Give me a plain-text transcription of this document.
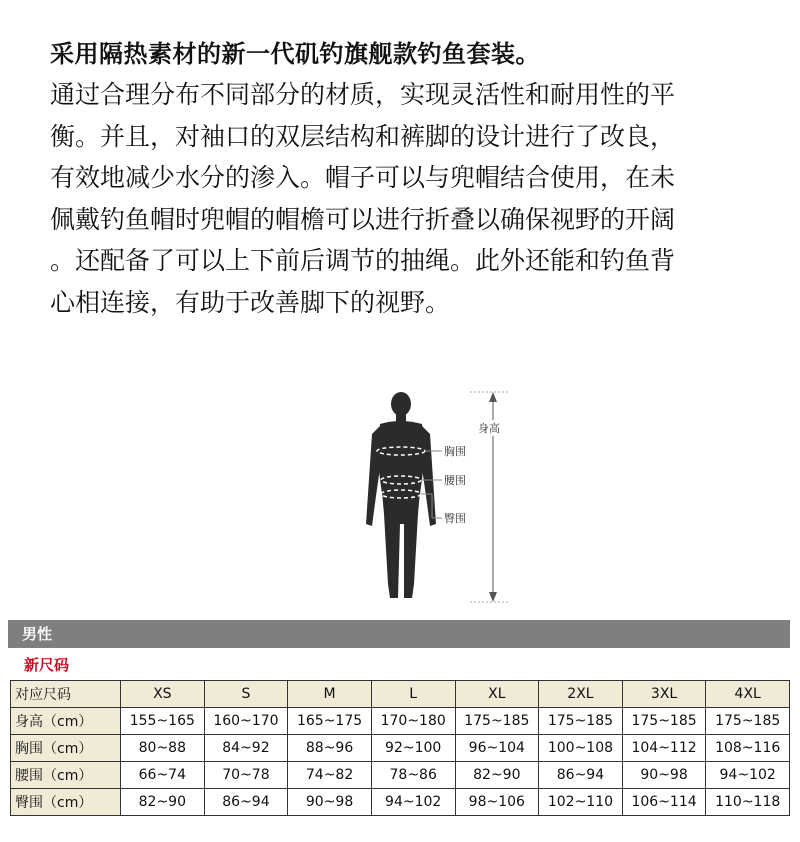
采用隔热素材的新一代矶钓旗舰款钓鱼套装。
通过合理分布不同部分的材质，实现灵活性和耐用性的平
衡。并且，对袖口的双层结构和裤脚的设计进行了改良，
有效地减少水分的渗入。帽子可以与兜帽结合使用，在未
佩戴钓鱼帽时兜帽的帽檐可以进行折叠以确保视野的开阔
。还配备了可以上下前后调节的抽绳。此外还能和钓鱼背
心相连接，有助于改善脚下的视野。
身高
胸围
腰围
臀围
男性
新尺码
对应尺码	XS	S	M	L	XL	2XL	3XL	4XL
身高（cm）	155~165	160~170	165~175	170~180	175~185	175~185	175~185	175~185
胸围（cm）	80~88	84~92	88~96	92~100	96~104	100~108	104~112	108~116
腰围（cm）	66~74	70~78	74~82	78~86	82~90	86~94	90~98	94~102
臀围（cm）	82~90	86~94	90~98	94~102	98~106	102~110	106~114	110~118
